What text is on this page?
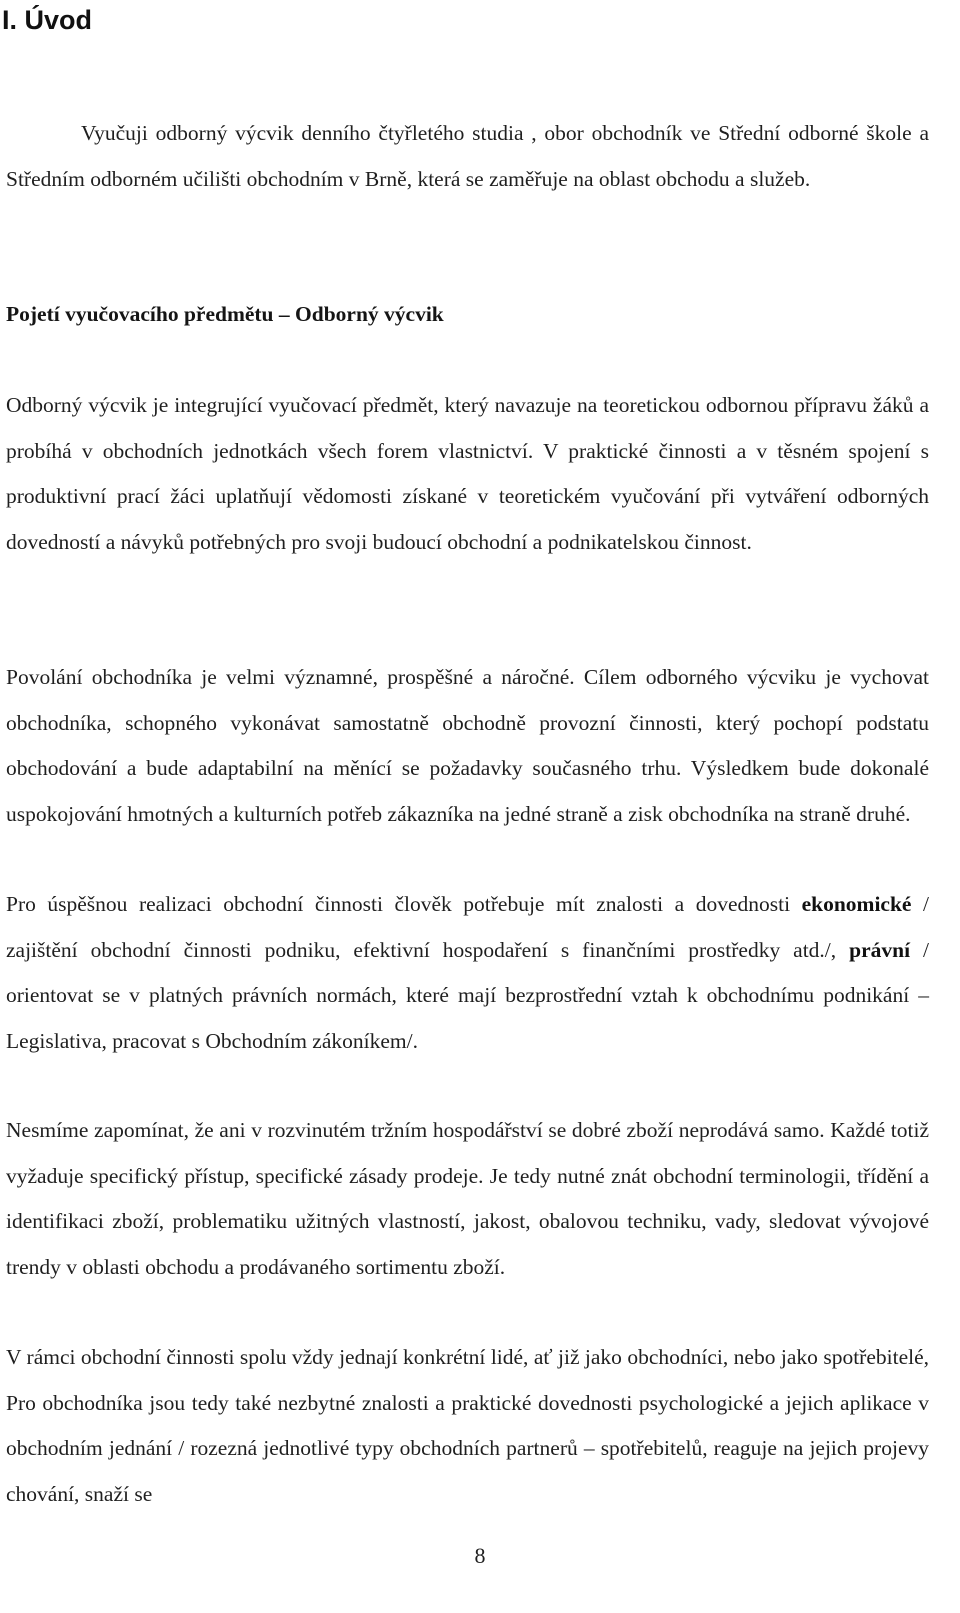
I. Úvod

Vyučuji odborný výcvik denního čtyřletého studia , obor obchodník ve Střední odborné škole a Středním odborném učilišti obchodním v Brně, která se zaměřuje na oblast obchodu a služeb.

Pojetí vyučovacího předmětu – Odborný výcvik

Odborný výcvik je integrující vyučovací předmět, který navazuje na teoretickou odbornou přípravu žáků a probíhá v obchodních jednotkách všech forem vlastnictví. V praktické činnosti a v těsném spojení s produktivní prací žáci uplatňují vědomosti získané v teoretickém vyučování při vytváření odborných dovedností a návyků potřebných pro svoji budoucí obchodní a podnikatelskou činnost.

Povolání obchodníka je velmi významné, prospěšné a náročné. Cílem odborného výcviku je vychovat obchodníka, schopného vykonávat samostatně obchodně provozní činnosti, který pochopí podstatu obchodování a bude adaptabilní na měnící se požadavky současného trhu. Výsledkem bude dokonalé uspokojování hmotných a kulturních potřeb zákazníka na jedné straně a zisk obchodníka na straně druhé.

Pro úspěšnou realizaci obchodní činnosti člověk potřebuje mít znalosti a dovednosti ekonomické / zajištění obchodní činnosti podniku, efektivní hospodaření s finančními prostředky atd./, právní / orientovat se v platných právních normách, které mají bezprostřední vztah k obchodnímu podnikání – Legislativa, pracovat s Obchodním zákoníkem/.

Nesmíme zapomínat, že ani v rozvinutém tržním hospodářství se dobré zboží neprodává samo. Každé totiž vyžaduje specifický přístup, specifické zásady prodeje. Je tedy nutné znát obchodní terminologii, třídění a identifikaci zboží, problematiku užitných vlastností, jakost, obalovou techniku, vady, sledovat vývojové trendy v oblasti obchodu a prodávaného sortimentu zboží.

V rámci obchodní činnosti spolu vždy jednají konkrétní lidé, ať již jako obchodníci, nebo jako spotřebitelé, Pro obchodníka jsou tedy také nezbytné znalosti a praktické dovednosti psychologické a jejich aplikace v obchodním jednání / rozezná jednotlivé typy obchodních partnerů – spotřebitelů, reaguje na jejich projevy chování, snaží se

8
